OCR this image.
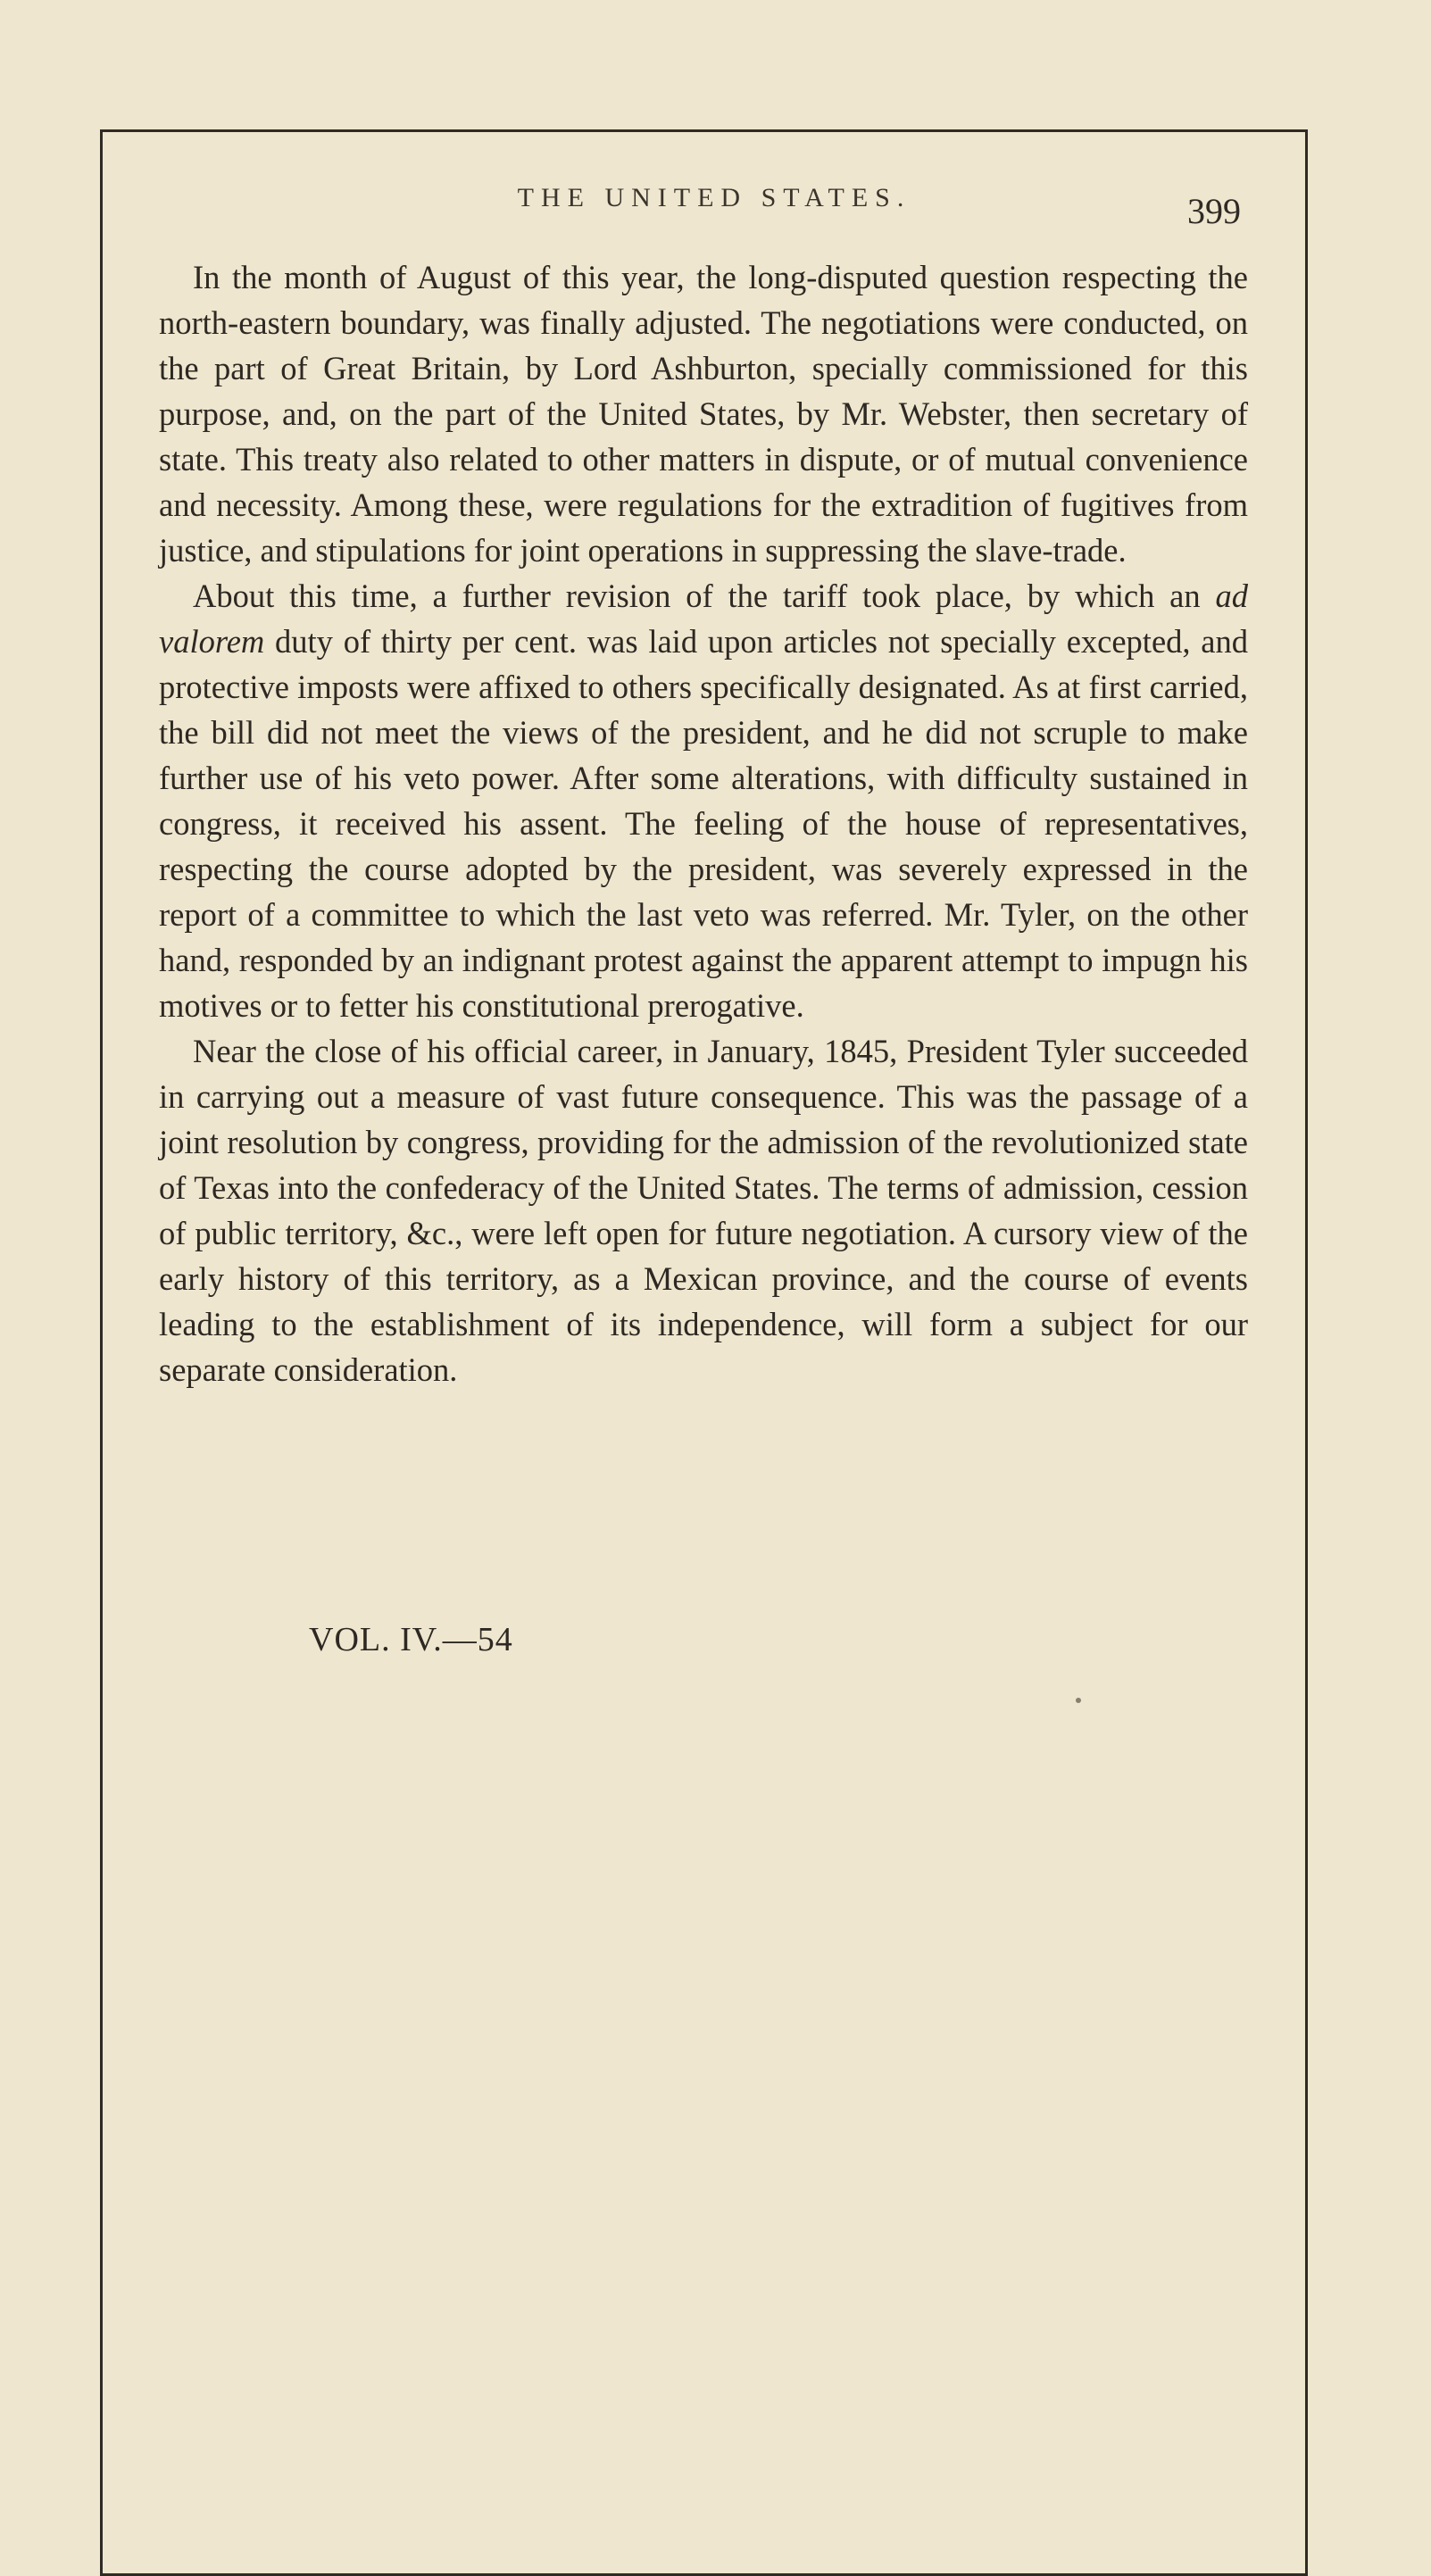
THE UNITED STATES.	399

In the month of August of this year, the long-disputed question respecting the north-eastern boundary, was finally adjusted. The negotiations were conducted, on the part of Great Britain, by Lord Ashburton, specially commissioned for this purpose, and, on the part of the United States, by Mr. Webster, then secretary of state. This treaty also related to other matters in dispute, or of mutual convenience and necessity. Among these, were regulations for the extradition of fugitives from justice, and stipulations for joint operations in suppressing the slave-trade.

About this time, a further revision of the tariff took place, by which an ad valorem duty of thirty per cent. was laid upon articles not specially excepted, and protective imposts were affixed to others specifically designated. As at first carried, the bill did not meet the views of the president, and he did not scruple to make further use of his veto power. After some alterations, with difficulty sustained in congress, it received his assent. The feeling of the house of representatives, respecting the course adopted by the president, was severely expressed in the report of a committee to which the last veto was referred. Mr. Tyler, on the other hand, responded by an indignant protest against the apparent attempt to impugn his motives or to fetter his constitutional prerogative.

Near the close of his official career, in January, 1845, President Tyler succeeded in carrying out a measure of vast future consequence. This was the passage of a joint resolution by congress, providing for the admission of the revolutionized state of Texas into the confederacy of the United States. The terms of admission, cession of public territory, &c., were left open for future negotiation. A cursory view of the early history of this territory, as a Mexican province, and the course of events leading to the establishment of its independence, will form a subject for our separate consideration.

VOL. IV.—54
